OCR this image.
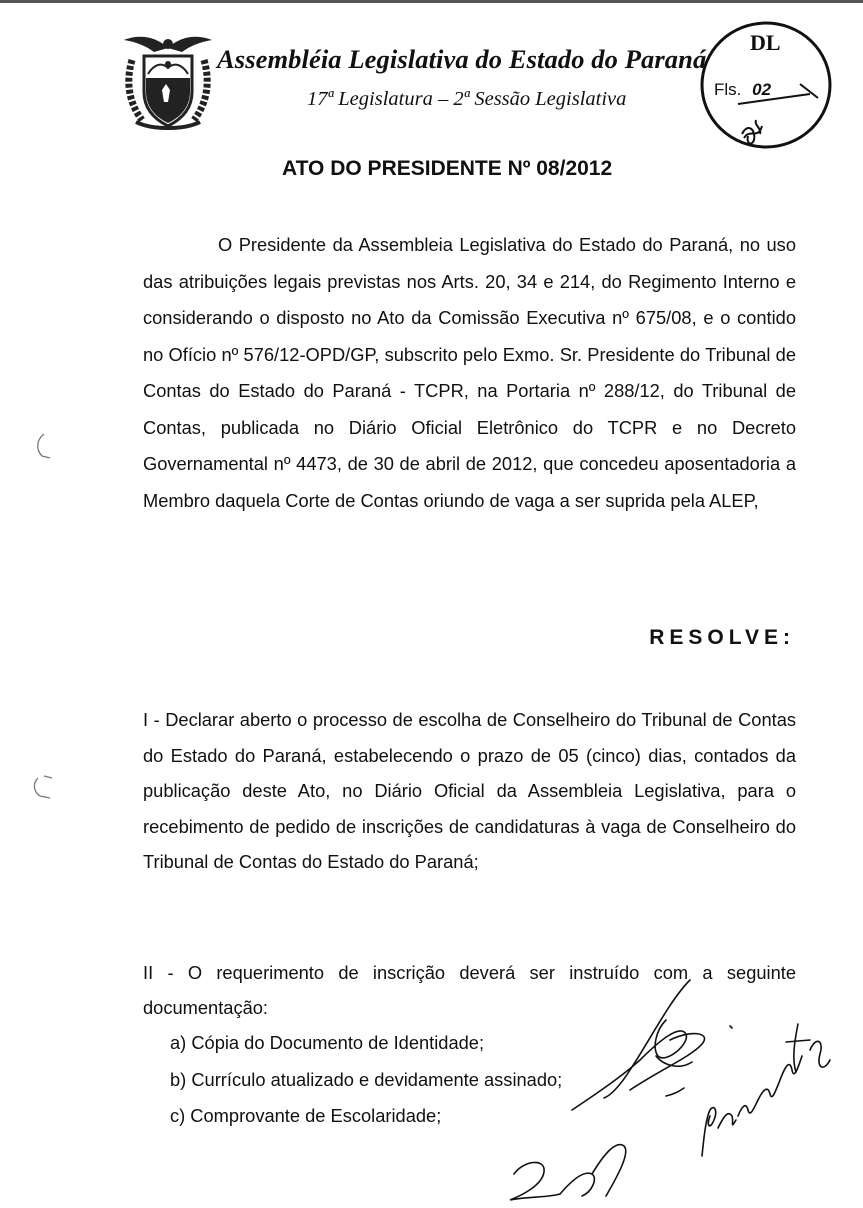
Assembléia Legislativa do Estado do Paraná
17ª Legislatura – 2ª Sessão Legislativa
DL
Fls. 02
ATO DO PRESIDENTE Nº 08/2012
O Presidente da Assembleia Legislativa do Estado do Paraná, no uso das atribuições legais previstas nos Arts. 20, 34 e 214, do Regimento Interno e considerando o disposto no Ato da Comissão Executiva nº 675/08, e o contido no Ofício nº 576/12-OPD/GP, subscrito pelo Exmo. Sr. Presidente do Tribunal de Contas do Estado do Paraná - TCPR, na Portaria nº 288/12, do Tribunal de Contas, publicada no Diário Oficial Eletrônico do TCPR e no Decreto Governamental nº 4473, de 30 de abril de 2012, que concedeu aposentadoria a Membro daquela Corte de Contas oriundo de vaga a ser suprida pela ALEP,
RESOLVE:
I - Declarar aberto o processo de escolha de Conselheiro do Tribunal de Contas do Estado do Paraná, estabelecendo o prazo de 05 (cinco) dias, contados da publicação deste Ato, no Diário Oficial da Assembleia Legislativa, para o recebimento de pedido de inscrições de candidaturas à vaga de Conselheiro do Tribunal de Contas do Estado do Paraná;
II - O requerimento de inscrição deverá ser instruído com a seguinte documentação:
a) Cópia do Documento de Identidade;
b) Currículo atualizado e devidamente assinado;
c) Comprovante de Escolaridade;
